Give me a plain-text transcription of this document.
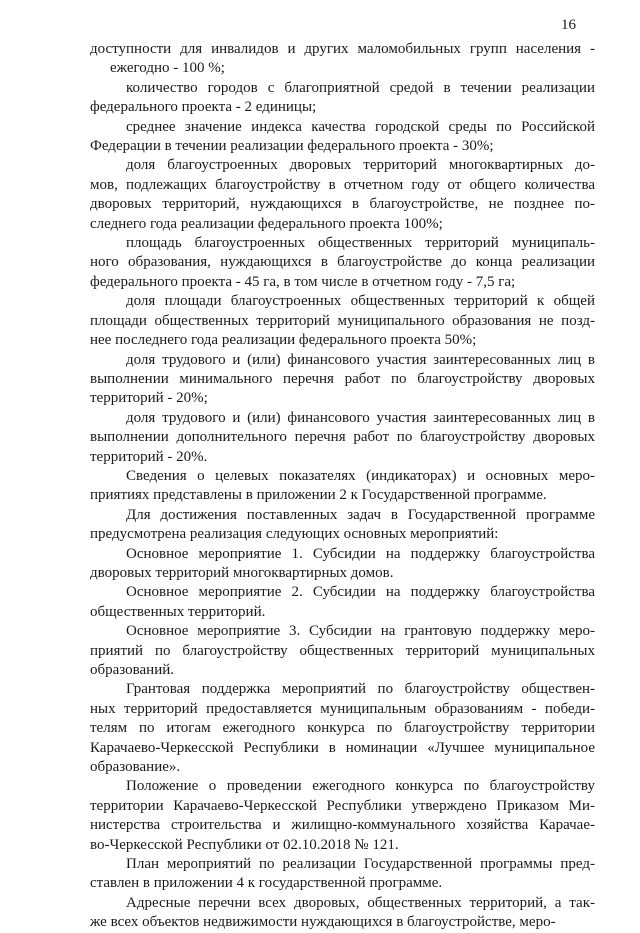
16
доступности для инвалидов и других маломобильных групп населения -
ежегодно - 100 %;
количество городов с благоприятной средой в течении реализации
федерального проекта - 2 единицы;
среднее значение индекса качества городской среды по Российской
Федерации в течении реализации федерального проекта - 30%;
доля благоустроенных дворовых территорий многоквартирных до-
мов, подлежащих благоустройству в отчетном году от общего количества
дворовых территорий, нуждающихся в благоустройстве, не позднее по-
следнего года реализации федерального проекта 100%;
площадь благоустроенных общественных территорий муниципаль-
ного образования, нуждающихся в благоустройстве до конца реализации
федерального проекта - 45 га, в том числе в отчетном году - 7,5 га;
доля площади благоустроенных общественных территорий к общей
площади общественных территорий муниципального образования не позд-
нее последнего года реализации федерального проекта 50%;
доля трудового и (или) финансового участия заинтересованных лиц в
выполнении минимального перечня работ по благоустройству дворовых
территорий - 20%;
доля трудового и (или) финансового участия заинтересованных лиц в
выполнении дополнительного перечня работ по благоустройству дворовых
территорий - 20%.
Сведения о целевых показателях (индикаторах) и основных меро-
приятиях представлены в приложении 2 к Государственной программе.
Для достижения поставленных задач в Государственной программе
предусмотрена реализация следующих основных мероприятий:
Основное мероприятие 1. Субсидии на поддержку благоустройства
дворовых территорий многоквартирных домов.
Основное мероприятие 2. Субсидии на поддержку благоустройства
общественных территорий.
Основное мероприятие 3. Субсидии на грантовую поддержку меро-
приятий по благоустройству общественных территорий муниципальных
образований.
Грантовая поддержка мероприятий по благоустройству обществен-
ных территорий предоставляется муниципальным образованиям - победи-
телям по итогам ежегодного конкурса по благоустройству территории
Карачаево-Черкесской Республики в номинации «Лучшее муниципальное
образование».
Положение о проведении ежегодного конкурса по благоустройству
территории Карачаево-Черкесской Республики утверждено Приказом Ми-
нистерства строительства и жилищно-коммунального хозяйства Карачае-
во-Черкесской Республики от 02.10.2018 № 121.
План мероприятий по реализации Государственной программы пред-
ставлен в приложении 4 к государственной программе.
Адресные перечни всех дворовых, общественных территорий, а так-
же всех объектов недвижимости нуждающихся в благоустройстве, меро-
